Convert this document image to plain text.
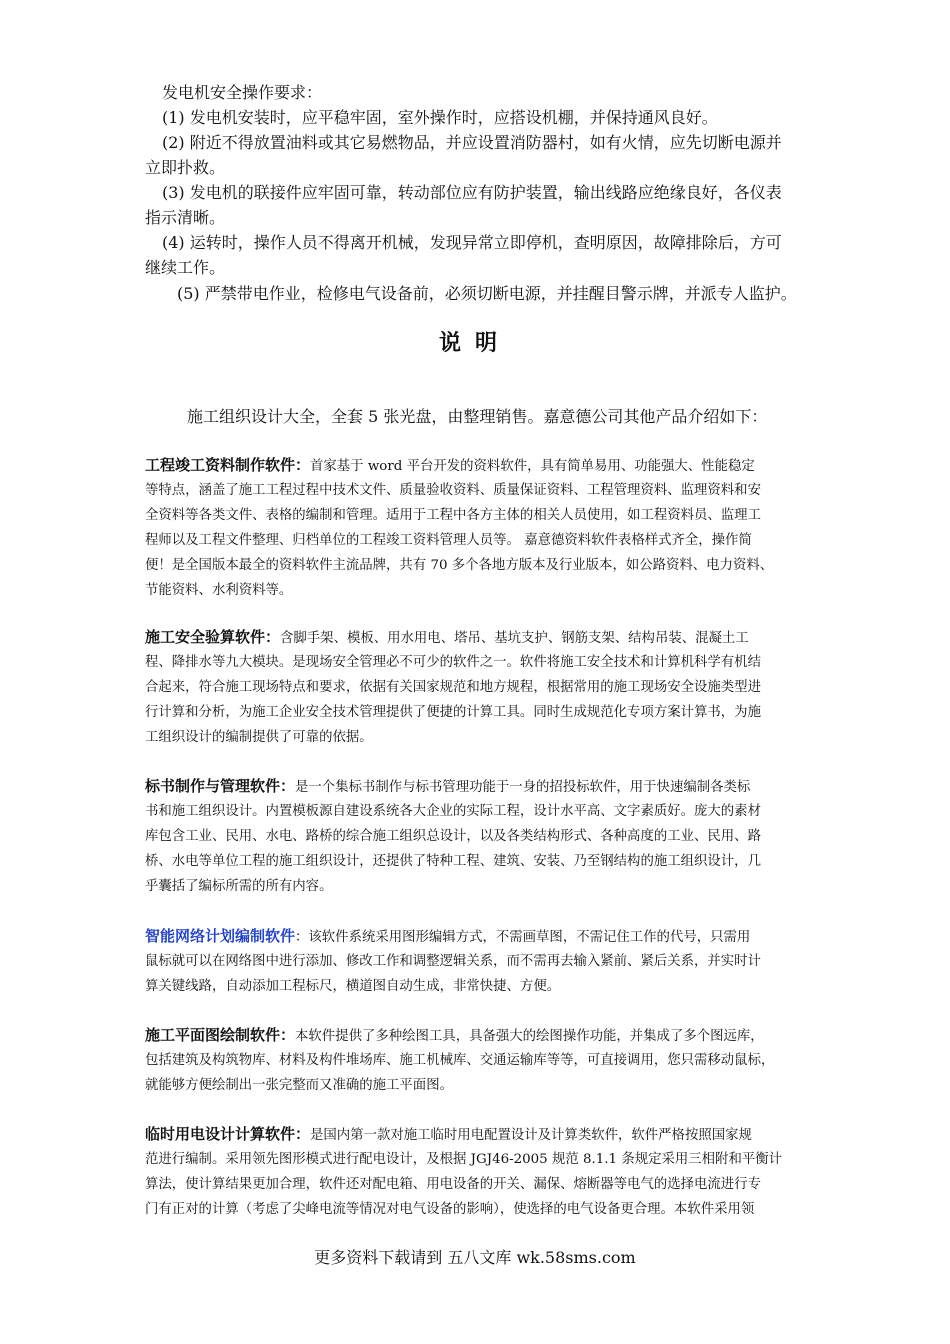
发电机安全操作要求：
(1) 发电机安装时，应平稳牢固，室外操作时，应搭设机棚，并保持通风良好。
(2) 附近不得放置油料或其它易燃物品，并应设置消防器村，如有火情，应先切断电源并
立即扑救。
(3) 发电机的联接件应牢固可靠，转动部位应有防护装置，输出线路应绝缘良好，各仪表
指示清晰。
(4) 运转时，操作人员不得离开机械，发现异常立即停机，查明原因，故障排除后，方可
继续工作。
(5) 严禁带电作业，检修电气设备前，必须切断电源，并挂醒目警示牌，并派专人监护。
说明
施工组织设计大全，全套 5 张光盘，由整理销售。嘉意德公司其他产品介绍如下：
工程竣工资料制作软件：首家基于 word 平台开发的资料软件，具有简单易用、功能强大、性能稳定
等特点，涵盖了施工工程过程中技术文件、质量验收资料、质量保证资料、工程管理资料、监理资料和安
全资料等各类文件、表格的编制和管理。适用于工程中各方主体的相关人员使用，如工程资料员、监理工
程师以及工程文件整理、归档单位的工程竣工资料管理人员等。 嘉意德资料软件表格样式齐全，操作简
便！是全国版本最全的资料软件主流品牌，共有 70 多个各地方版本及行业版本，如公路资料、电力资料、
节能资料、水利资料等。
施工安全验算软件：含脚手架、模板、用水用电、塔吊、基坑支护、钢筋支架、结构吊装、混凝土工
程、降排水等九大模块。是现场安全管理必不可少的软件之一。软件将施工安全技术和计算机科学有机结
合起来，符合施工现场特点和要求，依据有关国家规范和地方规程，根据常用的施工现场安全设施类型进
行计算和分析，为施工企业安全技术管理提供了便捷的计算工具。同时生成规范化专项方案计算书，为施
工组织设计的编制提供了可靠的依据。
标书制作与管理软件：是一个集标书制作与标书管理功能于一身的招投标软件，用于快速编制各类标
书和施工组织设计。内置模板源自建设系统各大企业的实际工程，设计水平高、文字素质好。庞大的素材
库包含工业、民用、水电、路桥的综合施工组织总设计，以及各类结构形式、各种高度的工业、民用、路
桥、水电等单位工程的施工组织设计，还提供了特种工程、建筑、安装、乃至钢结构的施工组织设计，几
乎囊括了编标所需的所有内容。
智能网络计划编制软件：该软件系统采用图形编辑方式，不需画草图，不需记住工作的代号，只需用
鼠标就可以在网络图中进行添加、修改工作和调整逻辑关系，而不需再去输入紧前、紧后关系，并实时计
算关键线路，自动添加工程标尺，横道图自动生成，非常快捷、方便。
施工平面图绘制软件：本软件提供了多种绘图工具，具备强大的绘图操作功能，并集成了多个图远库，
包括建筑及构筑物库、材料及构件堆场库、施工机械库、交通运输库等等，可直接调用，您只需移动鼠标，
就能够方便绘制出一张完整而又准确的施工平面图。
临时用电设计计算软件：是国内第一款对施工临时用电配置设计及计算类软件，软件严格按照国家规
范进行编制。采用领先图形模式进行配电设计，及根据 JGJ46-2005 规范 8.1.1 条规定采用三相附和平衡计
算法，使计算结果更加合理，软件还对配电箱、用电设备的开关、漏保、熔断器等电气的选择电流进行专
门有正对的计算（考虑了尖峰电流等情况对电气设备的影响），使选择的电气设备更合理。本软件采用领
更多资料下载请到 五八文库 wk.58sms.com
